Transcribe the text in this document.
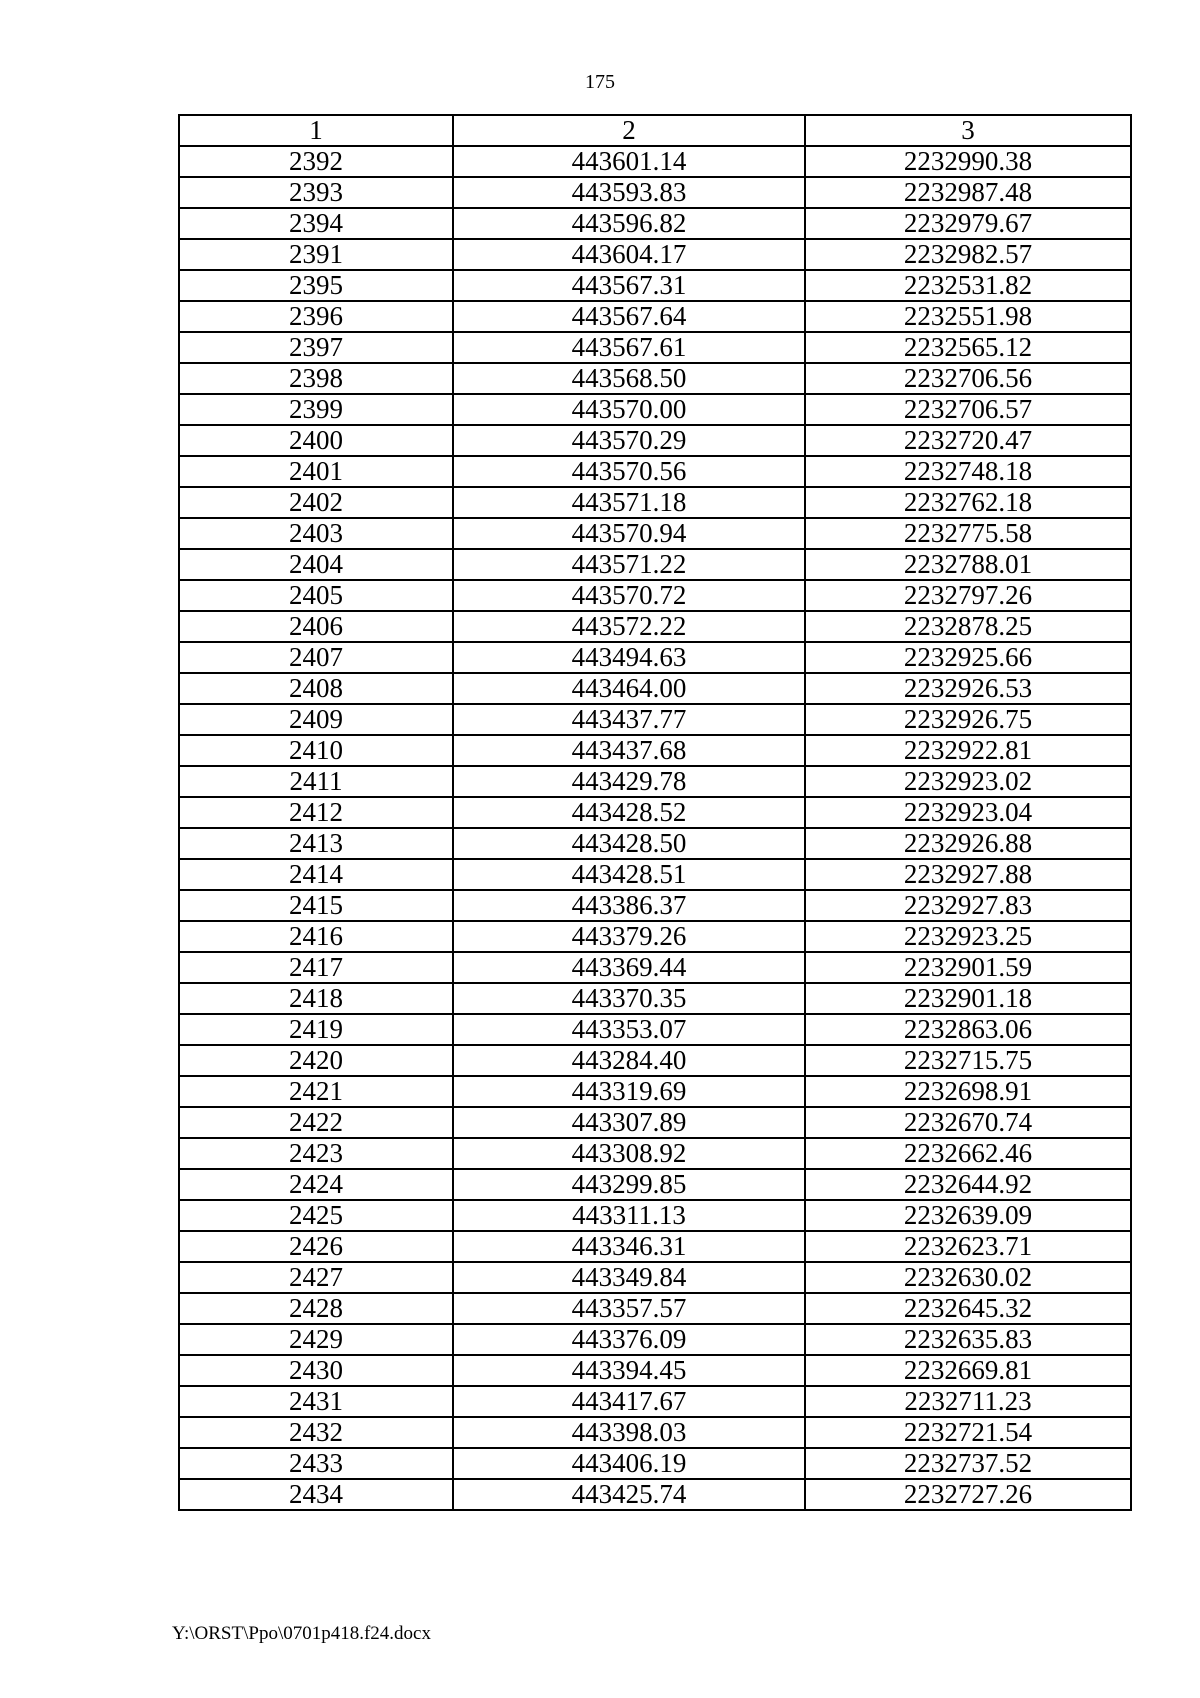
175
1	2	3
2392	443601.14	2232990.38
2393	443593.83	2232987.48
2394	443596.82	2232979.67
2391	443604.17	2232982.57
2395	443567.31	2232531.82
2396	443567.64	2232551.98
2397	443567.61	2232565.12
2398	443568.50	2232706.56
2399	443570.00	2232706.57
2400	443570.29	2232720.47
2401	443570.56	2232748.18
2402	443571.18	2232762.18
2403	443570.94	2232775.58
2404	443571.22	2232788.01
2405	443570.72	2232797.26
2406	443572.22	2232878.25
2407	443494.63	2232925.66
2408	443464.00	2232926.53
2409	443437.77	2232926.75
2410	443437.68	2232922.81
2411	443429.78	2232923.02
2412	443428.52	2232923.04
2413	443428.50	2232926.88
2414	443428.51	2232927.88
2415	443386.37	2232927.83
2416	443379.26	2232923.25
2417	443369.44	2232901.59
2418	443370.35	2232901.18
2419	443353.07	2232863.06
2420	443284.40	2232715.75
2421	443319.69	2232698.91
2422	443307.89	2232670.74
2423	443308.92	2232662.46
2424	443299.85	2232644.92
2425	443311.13	2232639.09
2426	443346.31	2232623.71
2427	443349.84	2232630.02
2428	443357.57	2232645.32
2429	443376.09	2232635.83
2430	443394.45	2232669.81
2431	443417.67	2232711.23
2432	443398.03	2232721.54
2433	443406.19	2232737.52
2434	443425.74	2232727.26
Y:\ORST\Ppo\0701p418.f24.docx
